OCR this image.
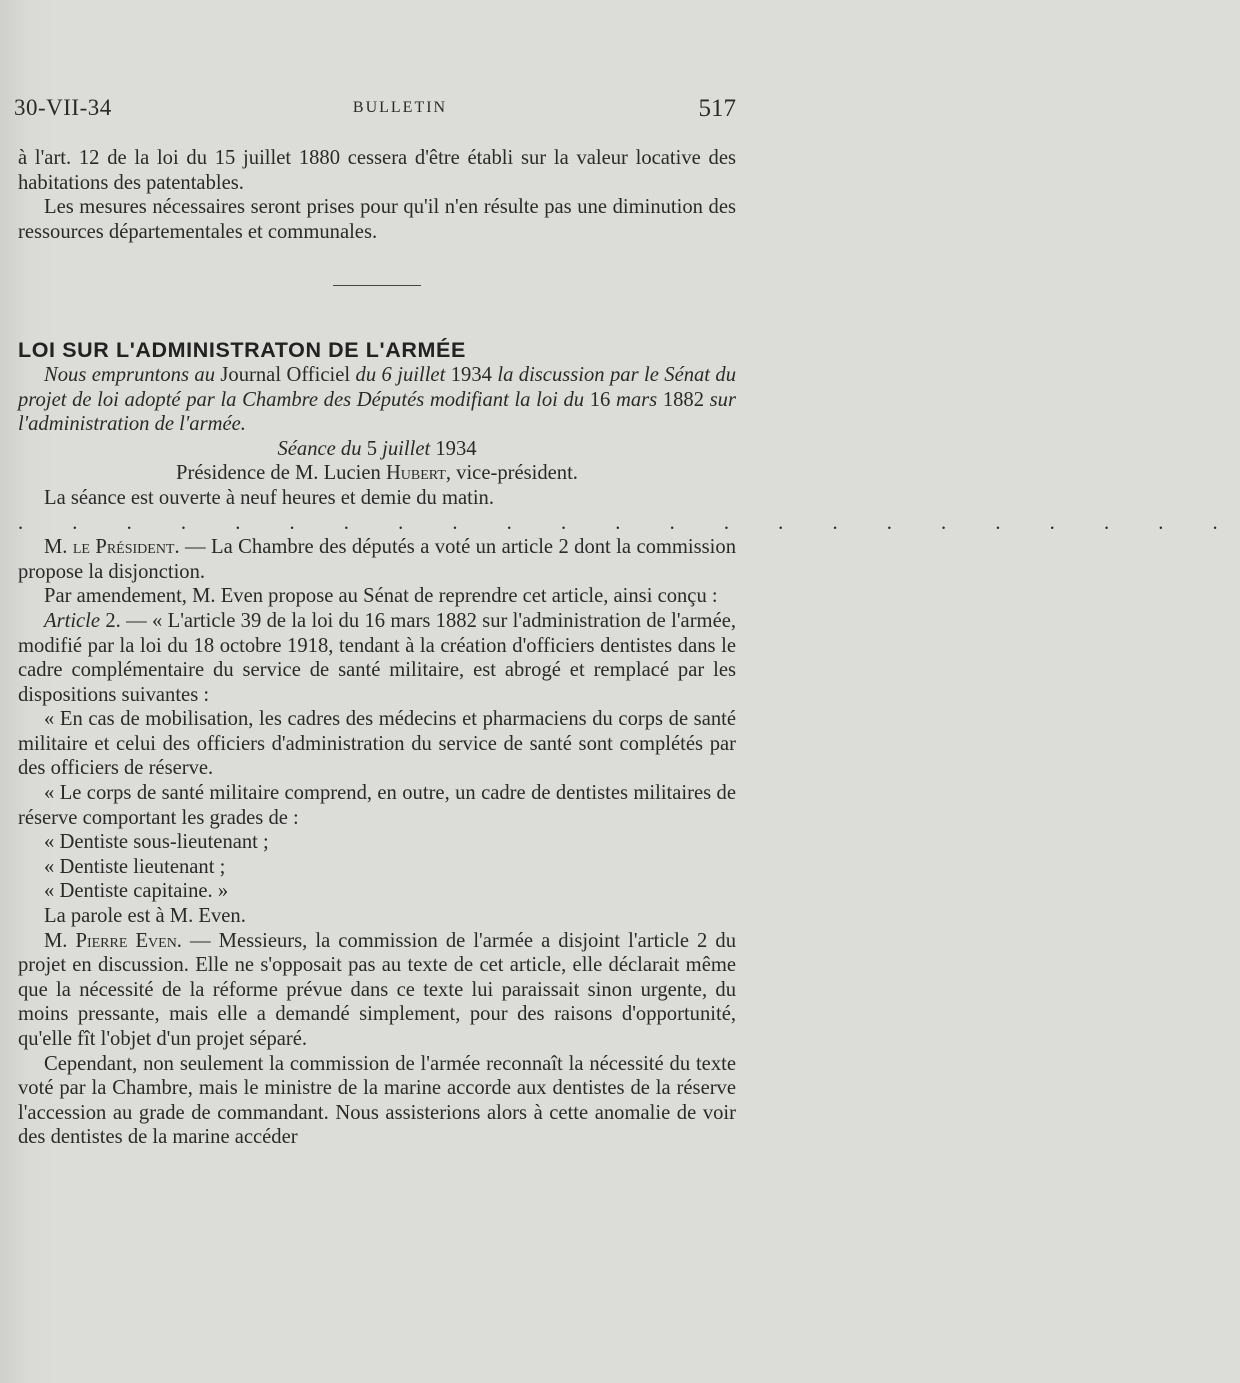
30-VII-34	BULLETIN	517

à l'art. 12 de la loi du 15 juillet 1880 cessera d'être établi sur la valeur locative des habitations des patentables.

Les mesures nécessaires seront prises pour qu'il n'en résulte pas une diminution des ressources départementales et communales.

LOI SUR L'ADMINISTRATON DE L'ARMÉE

Nous empruntons au Journal Officiel du 6 juillet 1934 la discussion par le Sénat du projet de loi adopté par la Chambre des Députés modifiant la loi du 16 mars 1882 sur l'administration de l'armée.

Séance du 5 juillet 1934

Présidence de M. Lucien Hubert, vice-président.

La séance est ouverte à neuf heures et demie du matin.

. . . . . . . . . . . . . . . . . . . . . . .

M. le Président. — La Chambre des députés a voté un article 2 dont la commission propose la disjonction.

Par amendement, M. Even propose au Sénat de reprendre cet article, ainsi conçu :

Article 2. — « L'article 39 de la loi du 16 mars 1882 sur l'administration de l'armée, modifié par la loi du 18 octobre 1918, tendant à la création d'officiers dentistes dans le cadre complémentaire du service de santé militaire, est abrogé et remplacé par les dispositions suivantes :

« En cas de mobilisation, les cadres des médecins et pharmaciens du corps de santé militaire et celui des officiers d'administration du service de santé sont complétés par des officiers de réserve.

« Le corps de santé militaire comprend, en outre, un cadre de dentistes militaires de réserve comportant les grades de :

« Dentiste sous-lieutenant ;

« Dentiste lieutenant ;

« Dentiste capitaine. »

La parole est à M. Even.

M. Pierre Even. — Messieurs, la commission de l'armée a disjoint l'article 2 du projet en discussion. Elle ne s'opposait pas au texte de cet article, elle déclarait même que la nécessité de la réforme prévue dans ce texte lui paraissait sinon urgente, du moins pressante, mais elle a demandé simplement, pour des raisons d'opportunité, qu'elle fît l'objet d'un projet séparé.

Cependant, non seulement la commission de l'armée reconnaît la nécessité du texte voté par la Chambre, mais le ministre de la marine accorde aux dentistes de la réserve l'accession au grade de commandant. Nous assisterions alors à cette anomalie de voir des dentistes de la marine accéder
